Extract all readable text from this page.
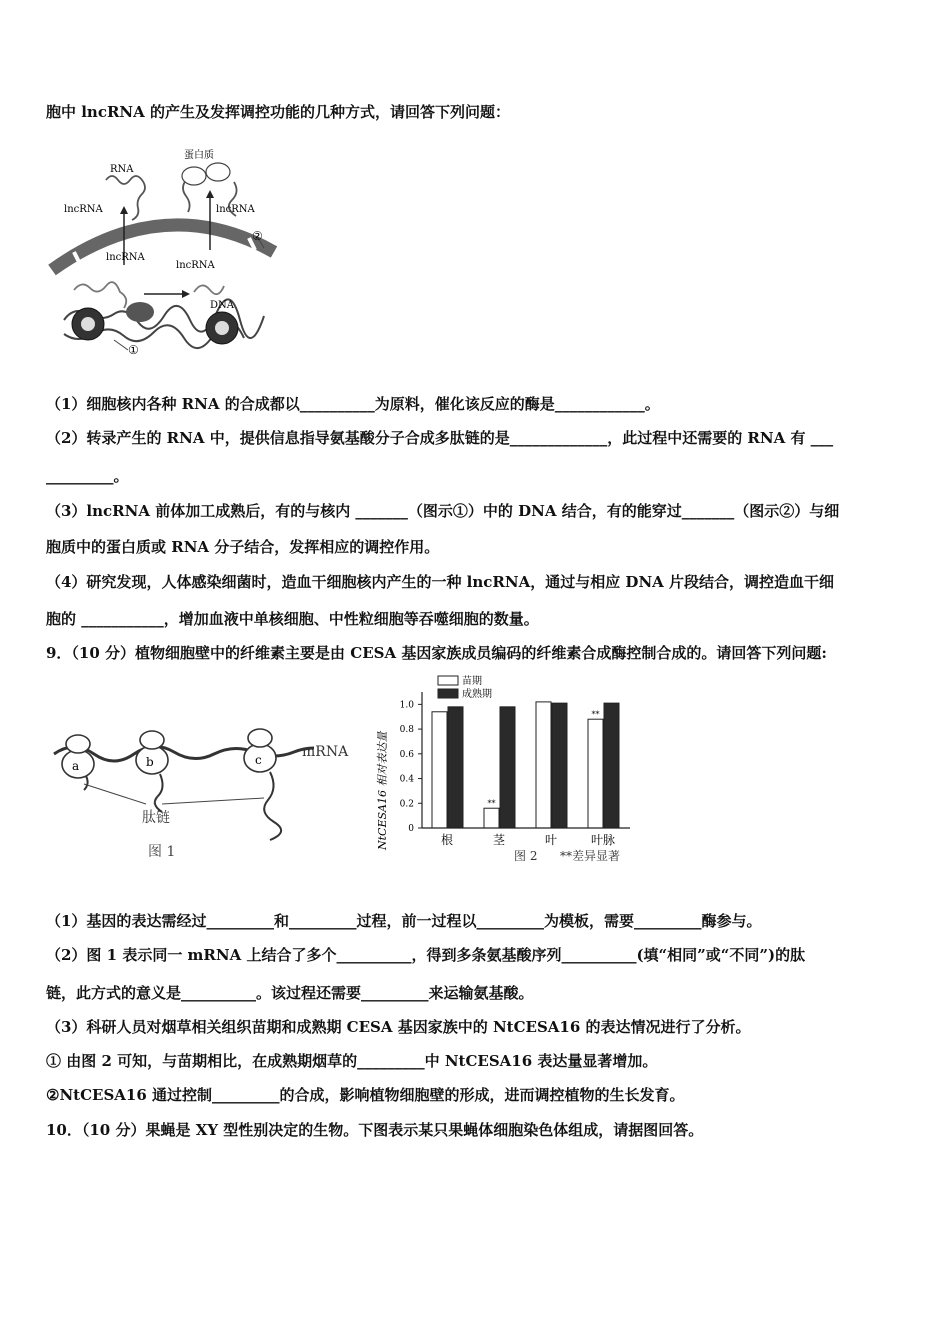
胞中 lncRNA 的产生及发挥调控功能的几种方式，请回答下列问题：
RNA
蛋白质
lncRNA	lncRNA
lncRNA
lncRNA
DNA
①
②
（1）细胞核内各种 RNA 的合成都以__________为原料，催化该反应的酶是____________。
（2）转录产生的 RNA 中，提供信息指导氨基酸分子合成多肽链的是_____________，此过程中还需要的 RNA 有 ___
_________。
（3）lncRNA 前体加工成熟后，有的与核内 _______（图示①）中的 DNA 结合，有的能穿过_______（图示②）与细
胞质中的蛋白质或 RNA 分子结合，发挥相应的调控作用。
（4）研究发现，人体感染细菌时，造血干细胞核内产生的一种 lncRNA，通过与相应 DNA 片段结合，调控造血干细
胞的 ___________，增加血液中单核细胞、中性粒细胞等吞噬细胞的数量。
9．（10 分）植物细胞壁中的纤维素主要是由 CESA 基因家族成员编码的纤维素合成酶控制合成的。请回答下列问题:
a	b	c	mRNA
肽链
图 1
0
0.2
0.4
0.6
0.8
1.0
根	茎	叶	叶脉
**
**
苗期
成熟期
NtCESA16 相对表达量
图 2 **差异显著
（1）基因的表达需经过_________和_________过程，前一过程以_________为模板，需要_________酶参与。
（2）图 1 表示同一 mRNA 上结合了多个__________，得到多条氨基酸序列__________(填“相同”或“不同”)的肽
链，此方式的意义是__________。该过程还需要_________来运输氨基酸。
（3）科研人员对烟草相关组织苗期和成熟期 CESA 基因家族中的 NtCESA16 的表达情况进行了分析。
① 由图 2 可知，与苗期相比，在成熟期烟草的_________中 NtCESA16 表达量显著增加。
②NtCESA16 通过控制_________的合成，影响植物细胞壁的形成，进而调控植物的生长发育。
10．（10 分）果蝇是 XY 型性别决定的生物。下图表示某只果蝇体细胞染色体组成，请据图回答。
